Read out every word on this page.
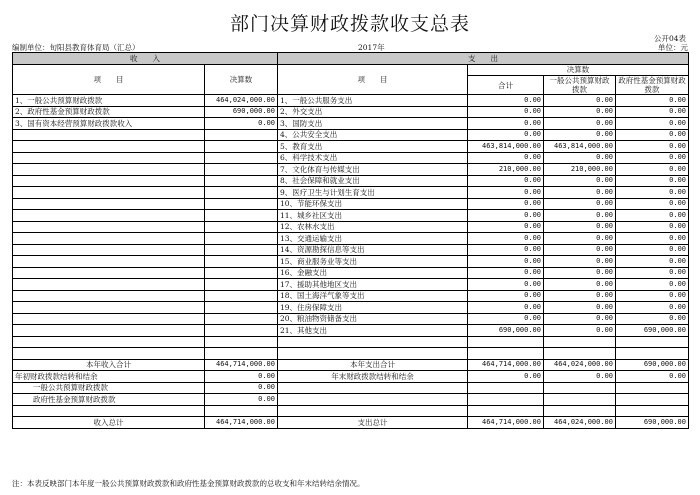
部门决算财政拨款收支总表
公开04表
编制单位：旬阳县教育体育局（汇总）	2017年	单位：元
收　　入		支　　出			
项　　目	决算数	项　　目	决算数		
			合计	一般公共预算财政拨款	政府性基金预算财政拨款

1、一般公共预算财政拨款	464,024,000.00	1、一般公共服务支出	0.00	0.00	0.00
2、政府性基金预算财政拨款	690,000.00	2、外交支出	0.00	0.00	0.00
3、国有资本经营预算财政拨款收入	0.00	3、国防支出	0.00	0.00	0.00
		4、公共安全支出	0.00	0.00	0.00
		5、教育支出	463,814,000.00	463,814,000.00	0.00
		6、科学技术支出	0.00	0.00	0.00
		7、文化体育与传媒支出	210,000.00	210,000.00	0.00
		8、社会保障和就业支出	0.00	0.00	0.00
		9、医疗卫生与计划生育支出	0.00	0.00	0.00
		10、节能环保支出	0.00	0.00	0.00
		11、城乡社区支出	0.00	0.00	0.00
		12、农林水支出	0.00	0.00	0.00
		13、交通运输支出	0.00	0.00	0.00
		14、资源勘探信息等支出	0.00	0.00	0.00
		15、商业服务业等支出	0.00	0.00	0.00
		16、金融支出	0.00	0.00	0.00
		17、援助其他地区支出	0.00	0.00	0.00
		18、国土海洋气象等支出	0.00	0.00	0.00
		19、住房保障支出	0.00	0.00	0.00
		20、粮油物资储备支出	0.00	0.00	0.00
		21、其他支出	690,000.00	0.00	690,000.00

本年收入合计	464,714,000.00	本年支出合计	464,714,000.00	464,024,000.00	690,000.00
年初财政拨款结转和结余	0.00	年末财政拨款结转和结余	0.00	0.00	0.00
一般公共预算财政拨款	0.00				
政府性基金预算财政拨款	0.00				

收入总计	464,714,000.00	支出总计	464,714,000.00	464,024,000.00	690,000.00
注：本表反映部门本年度一般公共预算财政拨款和政府性基金预算财政拨款的总收支和年末结转结余情况。
